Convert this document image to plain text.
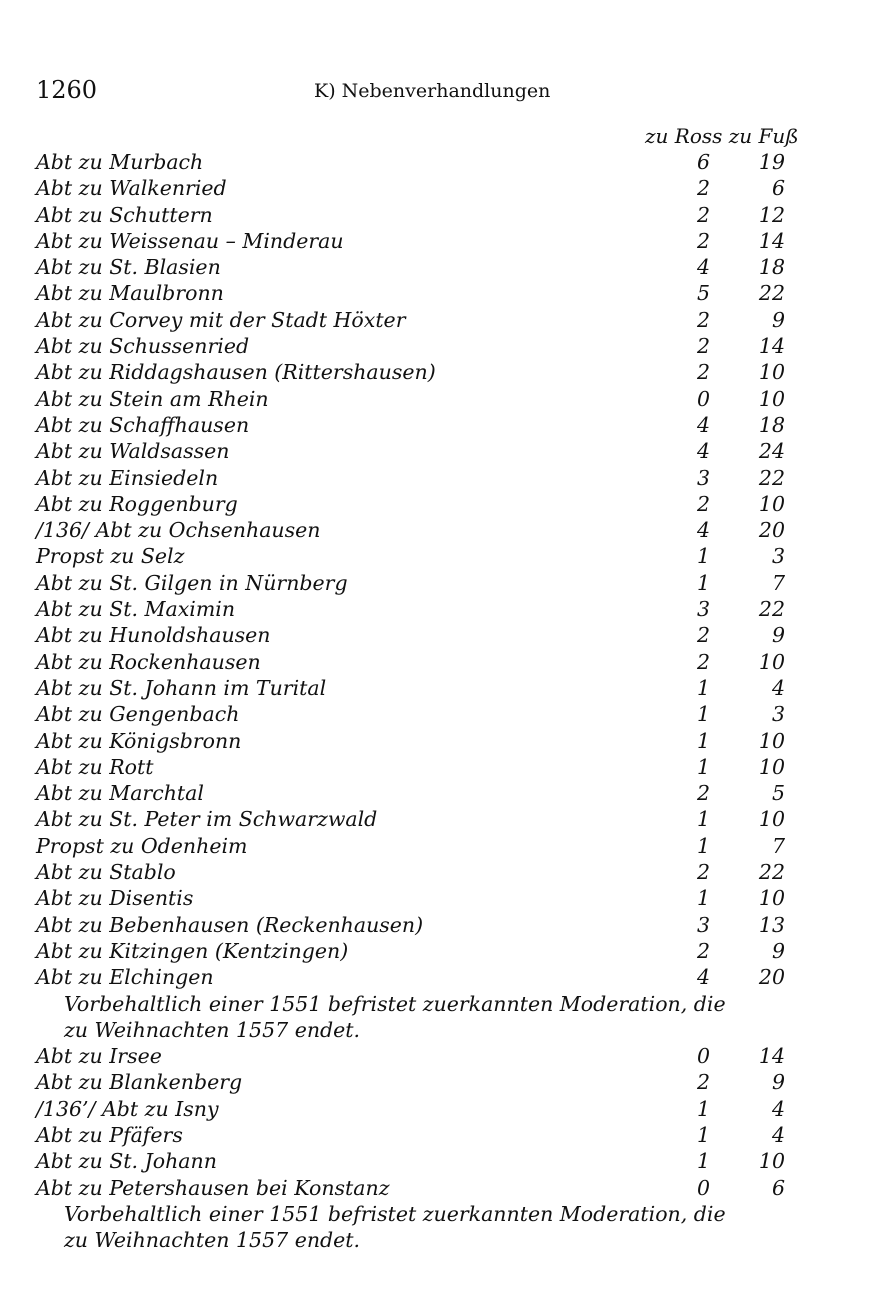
1260	K) Nebenverhandlungen
zu Ross zu Fuß
Abt zu Murbach	6	19
Abt zu Walkenried	2	6
Abt zu Schuttern	2	12
Abt zu Weissenau – Minderau	2	14
Abt zu St. Blasien	4	18
Abt zu Maulbronn	5	22
Abt zu Corvey mit der Stadt Höxter	2	9
Abt zu Schussenried	2	14
Abt zu Riddagshausen (Rittershausen)	2	10
Abt zu Stein am Rhein	0	10
Abt zu Schaffhausen	4	18
Abt zu Waldsassen	4	24
Abt zu Einsiedeln	3	22
Abt zu Roggenburg	2	10
/136/ Abt zu Ochsenhausen	4	20
Propst zu Selz	1	3
Abt zu St. Gilgen in Nürnberg	1	7
Abt zu St. Maximin	3	22
Abt zu Hunoldshausen	2	9
Abt zu Rockenhausen	2	10
Abt zu St. Johann im Turital	1	4
Abt zu Gengenbach	1	3
Abt zu Königsbronn	1	10
Abt zu Rott	1	10
Abt zu Marchtal	2	5
Abt zu St. Peter im Schwarzwald	1	10
Propst zu Odenheim	1	7
Abt zu Stablo	2	22
Abt zu Disentis	1	10
Abt zu Bebenhausen (Reckenhausen)	3	13
Abt zu Kitzingen (Kentzingen)	2	9
Abt zu Elchingen	4	20
Vorbehaltlich einer 1551 befristet zuerkannten Moderation, die
zu Weihnachten 1557 endet.
Abt zu Irsee	0	14
Abt zu Blankenberg	2	9
/136’/ Abt zu Isny	1	4
Abt zu Pfäfers	1	4
Abt zu St. Johann	1	10
Abt zu Petershausen bei Konstanz	0	6
Vorbehaltlich einer 1551 befristet zuerkannten Moderation, die
zu Weihnachten 1557 endet.
